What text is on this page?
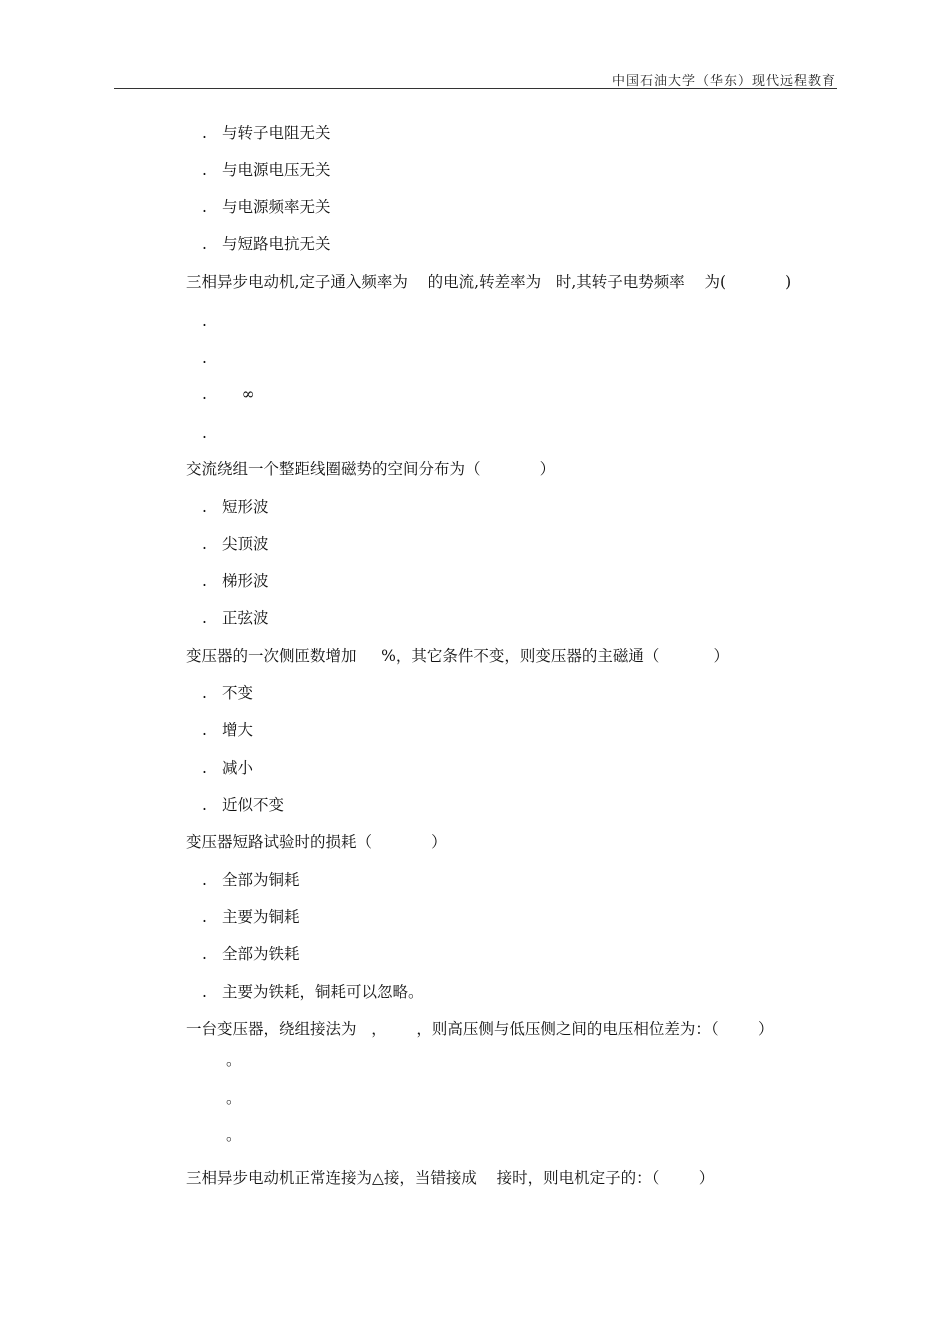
中国石油大学（华东）现代远程教育
. 与转子电阻无关
. 与电源电压无关
. 与电源频率无关
. 与短路电抗无关
三相异步电动机,定子通入频率为    的电流,转差率为   时,其转子电势频率    为(            )
.
.
.    ∞
.
交流绕组一个整距线圈磁势的空间分布为（            ）
. 短形波
. 尖顶波
. 梯形波
. 正弦波
变压器的一次侧匝数增加     %，其它条件不变，则变压器的主磁通（           ）
. 不变
. 增大
. 减小
. 近似不变
变压器短路试验时的损耗（            ）
. 全部为铜耗
. 主要为铜耗
. 全部为铁耗
. 主要为铁耗，铜耗可以忽略。
一台变压器，绕组接法为   ，      ，则高压侧与低压侧之间的电压相位差为：（        ）
。
。
。
三相异步电动机正常连接为△接，当错接成    接时，则电机定子的：（        ）
